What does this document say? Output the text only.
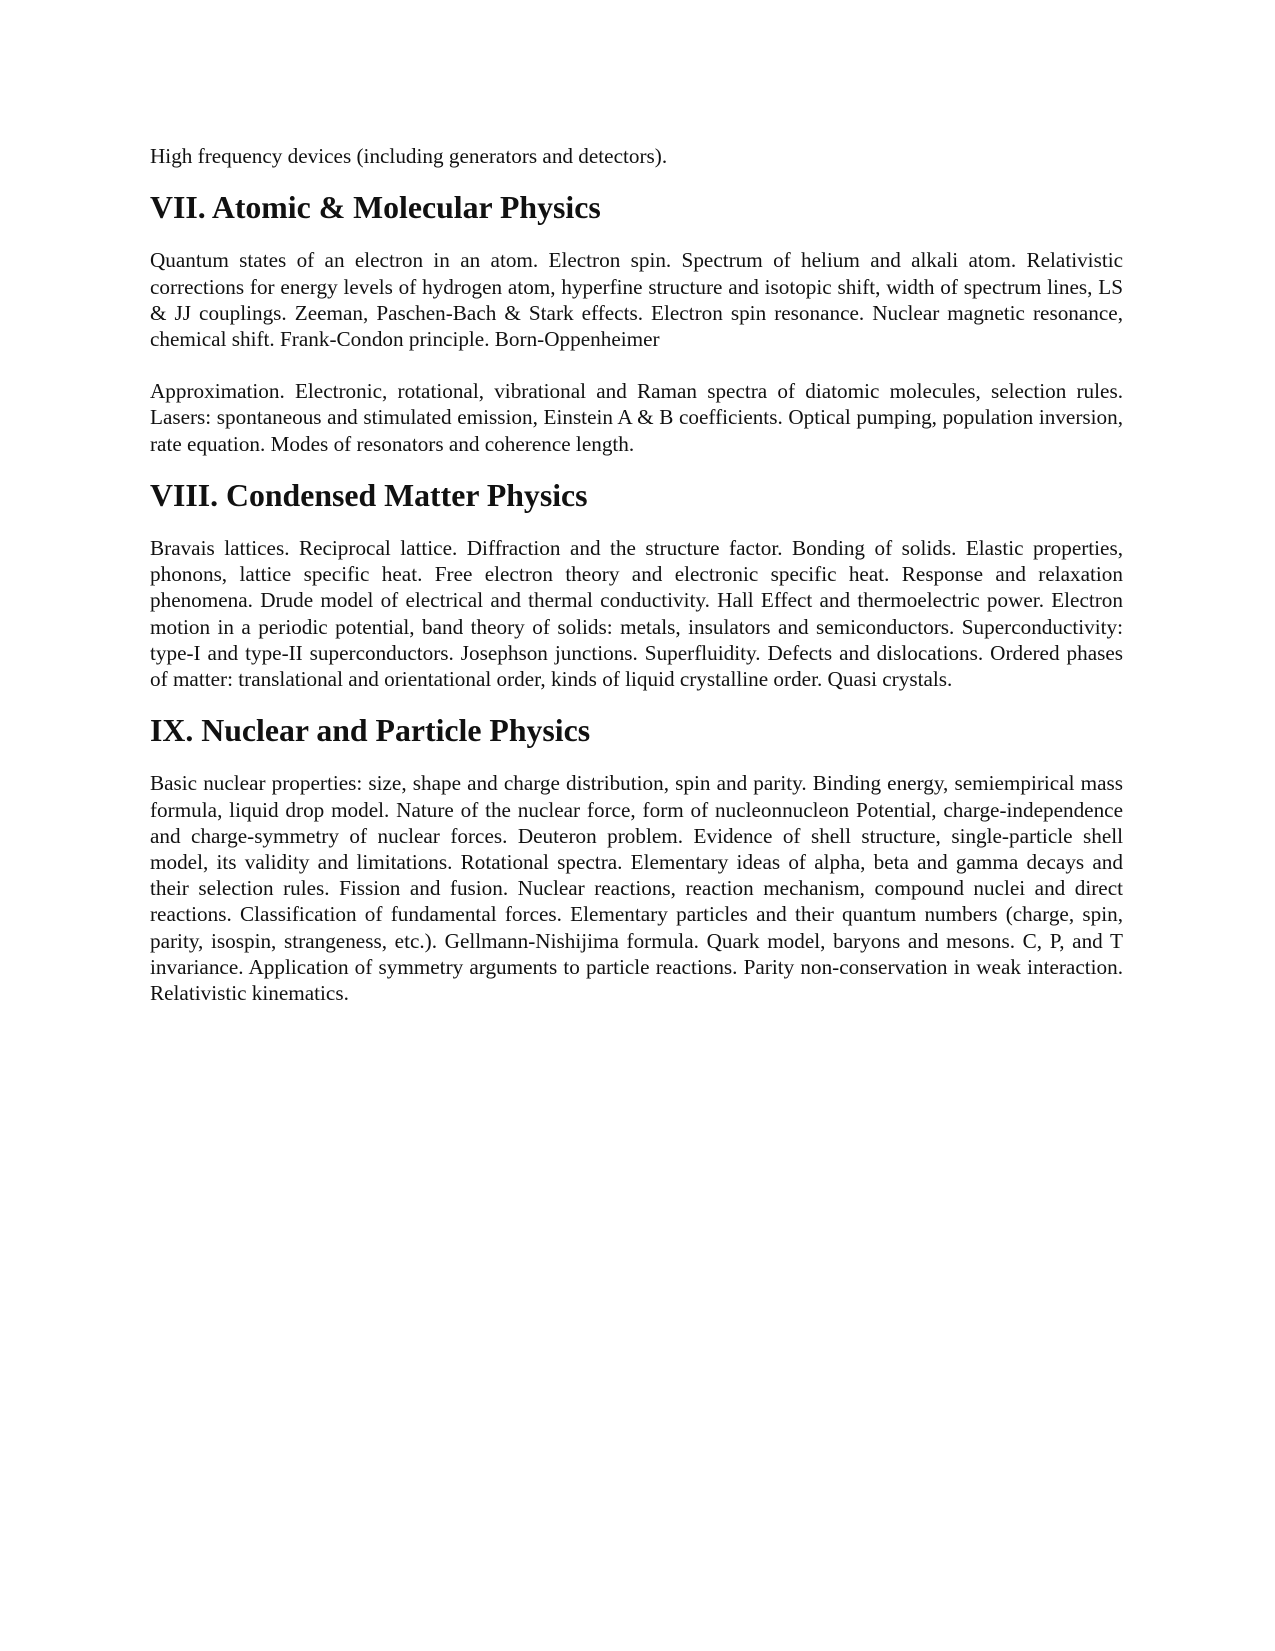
High frequency devices (including generators and detectors).

VII. Atomic & Molecular Physics

Quantum states of an electron in an atom. Electron spin. Spectrum of helium and alkali atom. Relativistic corrections for energy levels of hydrogen atom, hyperfine structure and isotopic shift, width of spectrum lines, LS & JJ couplings. Zeeman, Paschen-Bach & Stark effects. Electron spin resonance. Nuclear magnetic resonance, chemical shift. Frank-Condon principle. Born-Oppenheimer

Approximation. Electronic, rotational, vibrational and Raman spectra of diatomic molecules, selection rules. Lasers: spontaneous and stimulated emission, Einstein A & B coefficients. Optical pumping, population inversion, rate equation. Modes of resonators and coherence length.

VIII. Condensed Matter Physics

Bravais lattices. Reciprocal lattice. Diffraction and the structure factor. Bonding of solids. Elastic properties, phonons, lattice specific heat. Free electron theory and electronic specific heat. Response and relaxation phenomena. Drude model of electrical and thermal conductivity. Hall Effect and thermoelectric power. Electron motion in a periodic potential, band theory of solids: metals, insulators and semiconductors. Superconductivity: type-I and type-II superconductors. Josephson junctions. Superfluidity. Defects and dislocations. Ordered phases of matter: translational and orientational order, kinds of liquid crystalline order. Quasi crystals.

IX. Nuclear and Particle Physics

Basic nuclear properties: size, shape and charge distribution, spin and parity. Binding energy, semiempirical mass formula, liquid drop model. Nature of the nuclear force, form of nucleonnucleon Potential, charge-independence and charge-symmetry of nuclear forces. Deuteron problem. Evidence of shell structure, single-particle shell model, its validity and limitations. Rotational spectra. Elementary ideas of alpha, beta and gamma decays and their selection rules. Fission and fusion. Nuclear reactions, reaction mechanism, compound nuclei and direct reactions. Classification of fundamental forces. Elementary particles and their quantum numbers (charge, spin, parity, isospin, strangeness, etc.). Gellmann-Nishijima formula. Quark model, baryons and mesons. C, P, and T invariance. Application of symmetry arguments to particle reactions. Parity non-conservation in weak interaction. Relativistic kinematics.
